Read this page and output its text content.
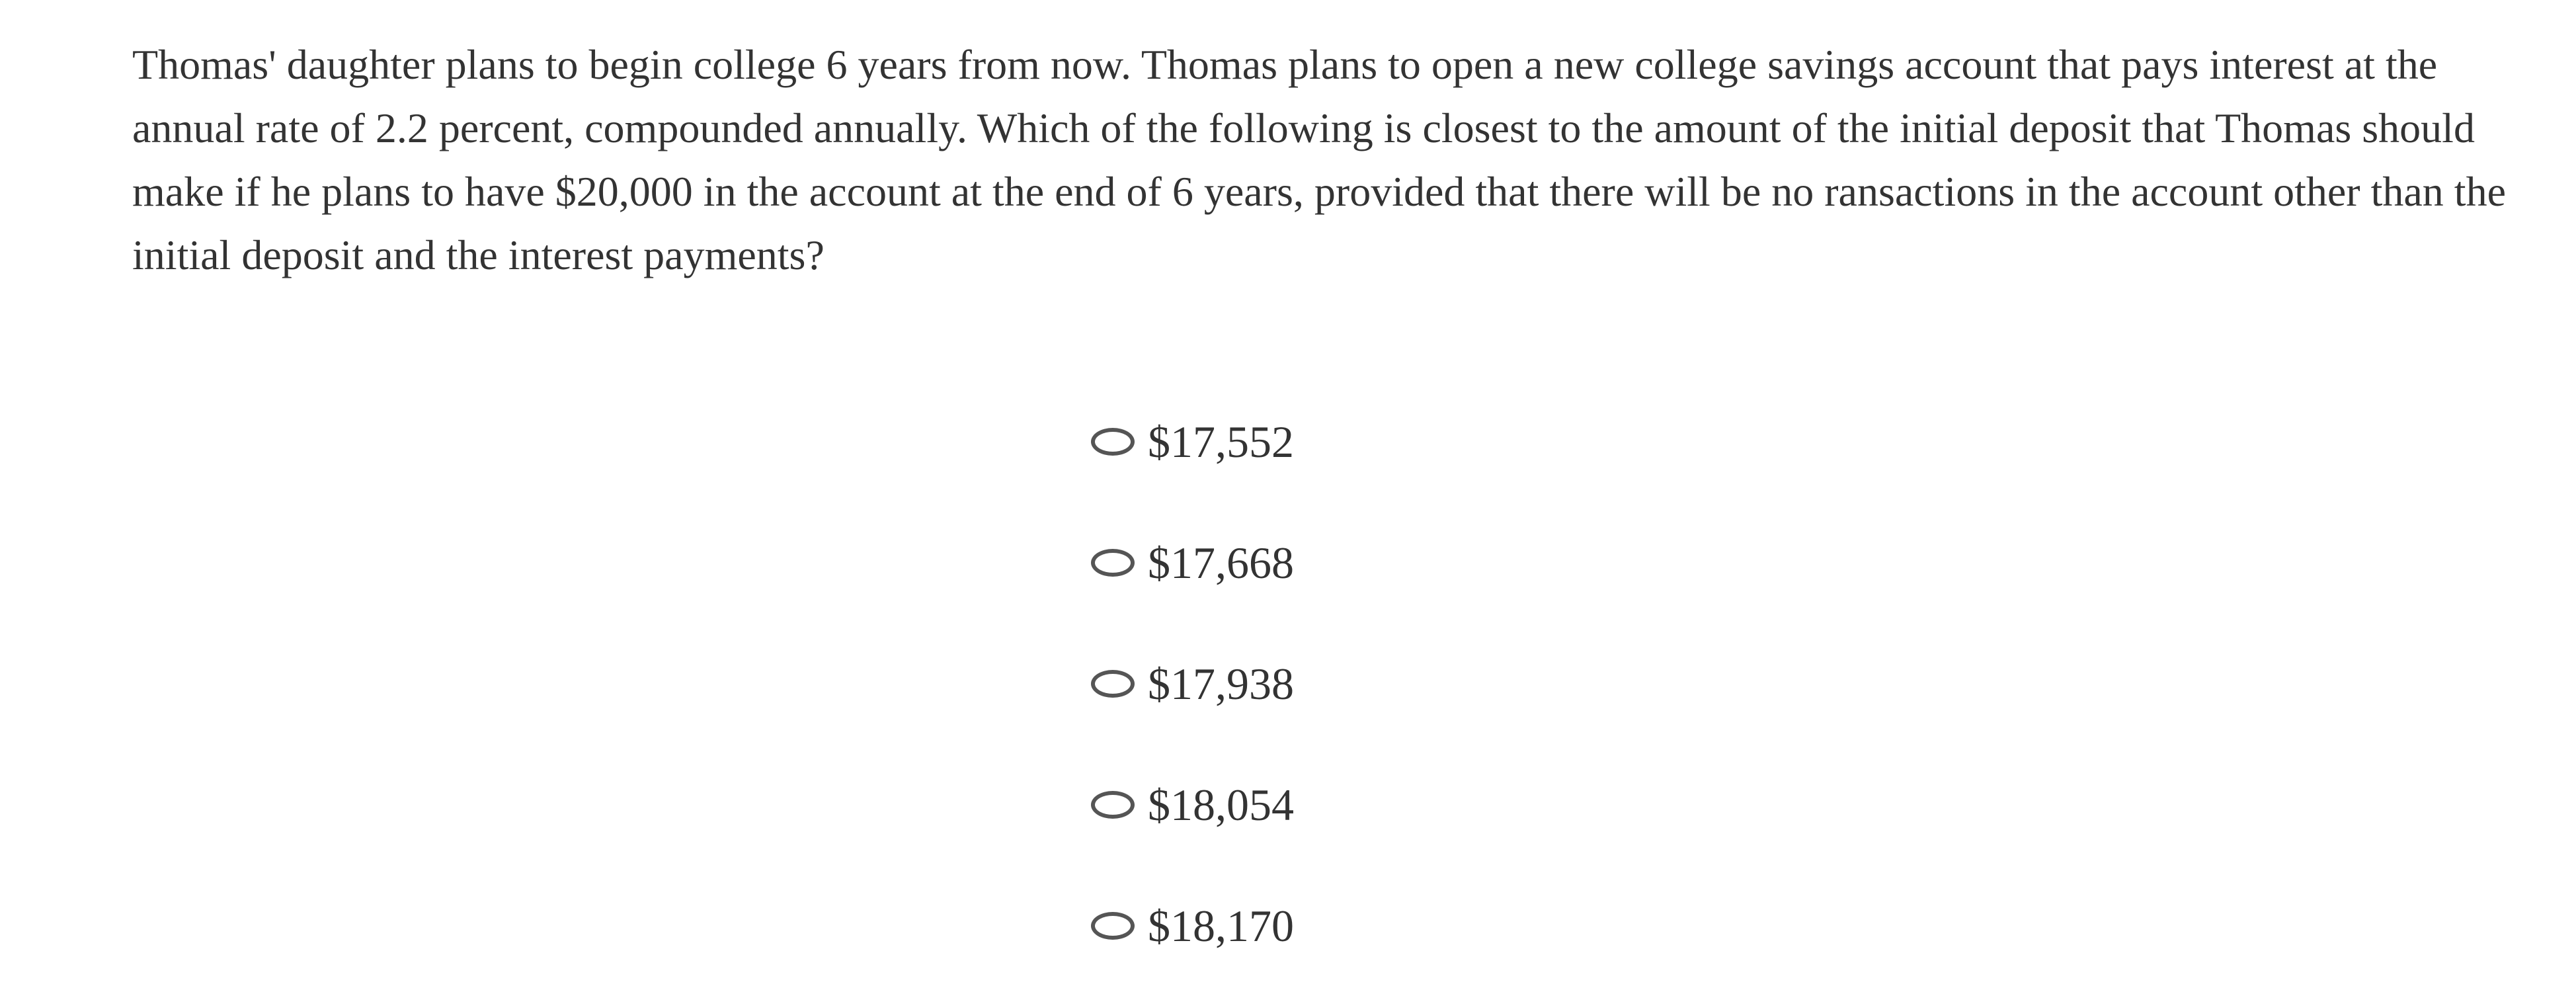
Thomas' daughter plans to begin college 6 years from now. Thomas plans to open a new college savings account that pays interest at the annual rate of 2.2 percent, compounded annually. Which of the following is closest to the amount of the initial deposit that Thomas should make if he plans to have $20,000 in the account at the end of 6 years, provided that there will be no ransactions in the account other than the initial deposit and the interest payments?

$17,552
$17,668
$17,938
$18,054
$18,170
